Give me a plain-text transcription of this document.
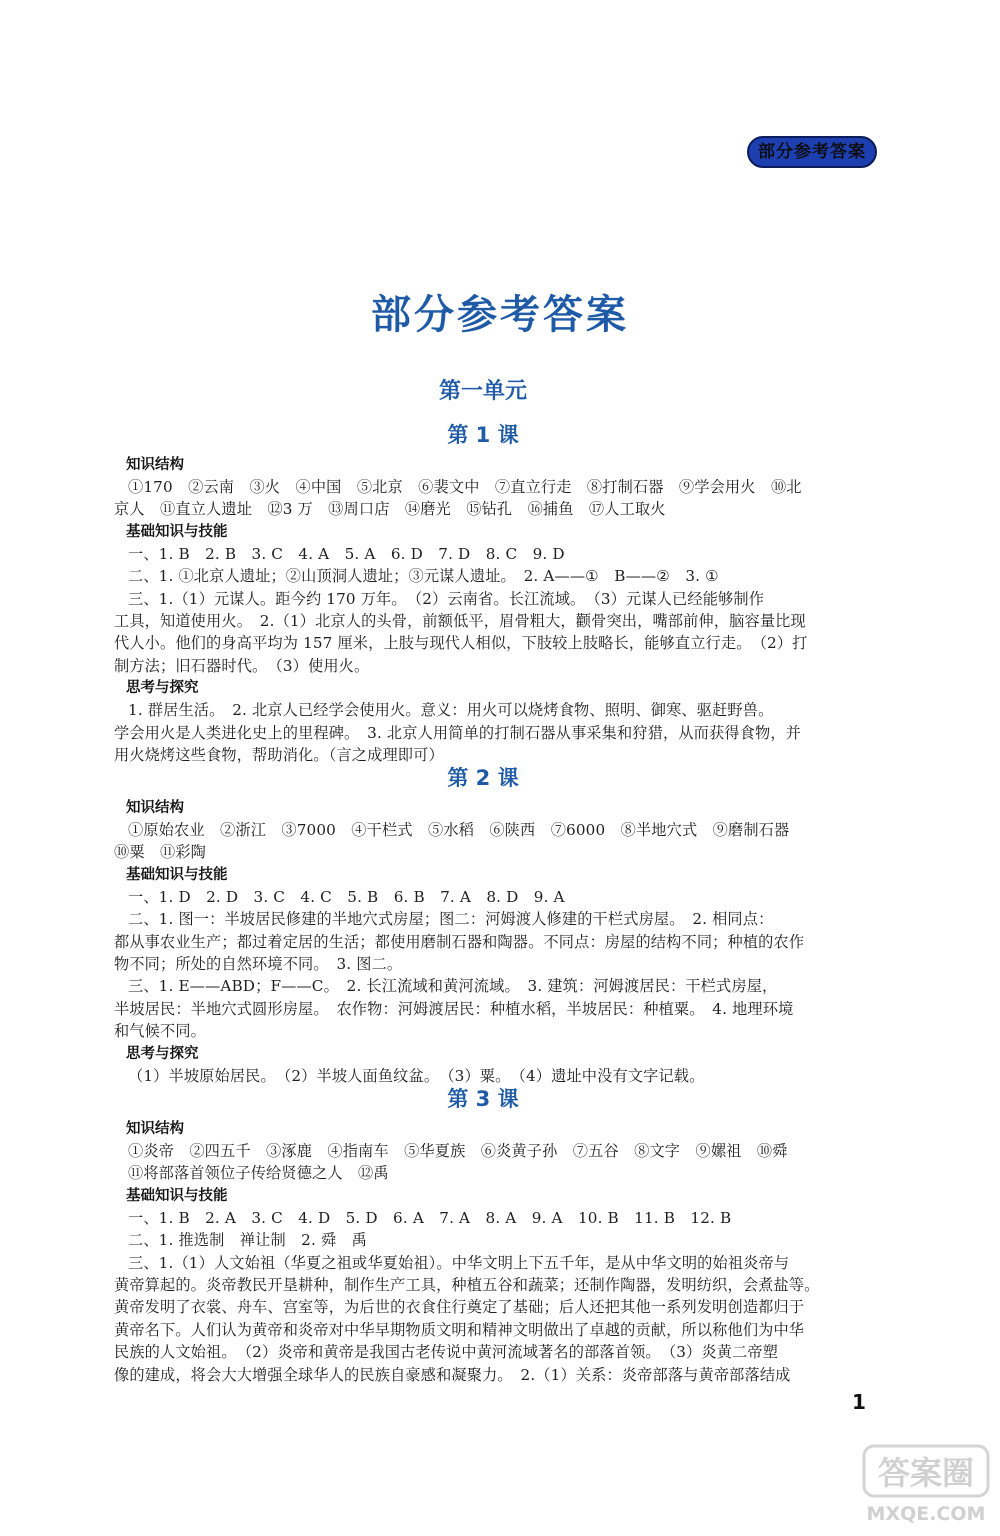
部分参考答案
部分参考答案
第一单元
第 1 课
知识结构
①170　②云南　③火　④中国　⑤北京　⑥裴文中　⑦直立行走　⑧打制石器　⑨学会用火　⑩北
京人　⑪直立人遗址　⑫3 万　⑬周口店　⑭磨光　⑮钻孔　⑯捕鱼　⑰人工取火
基础知识与技能
一、1. B　2. B　3. C　4. A　5. A　6. D　7. D　8. C　9. D
二、1. ①北京人遗址；②山顶洞人遗址；③元谋人遗址。　2. A——①　B——②　3. ①
三、1.（1）元谋人。距今约 170 万年。　（2）云南省。长江流域。　（3）元谋人已经能够制作
工具，知道使用火。　2.（1）北京人的头骨，前额低平，眉骨粗大，颧骨突出，嘴部前伸，脑容量比现
代人小。他们的身高平均为 157 厘米，上肢与现代人相似，下肢较上肢略长，能够直立行走。　（2）打
制方法；旧石器时代。　（3）使用火。
思考与探究
1. 群居生活。　2. 北京人已经学会使用火。意义：用火可以烧烤食物、照明、御寒、驱赶野兽。
学会用火是人类进化史上的里程碑。　3. 北京人用简单的打制石器从事采集和狩猎，从而获得食物，并
用火烧烤这些食物，帮助消化。（言之成理即可）
第 2 课
知识结构
①原始农业　②浙江　③7000　④干栏式　⑤水稻　⑥陕西　⑦6000　⑧半地穴式　⑨磨制石器
⑩粟　⑪彩陶
基础知识与技能
一、1. D　2. D　3. C　4. C　5. B　6. B　7. A　8. D　9. A
二、1. 图一：半坡居民修建的半地穴式房屋；图二：河姆渡人修建的干栏式房屋。　2. 相同点：
都从事农业生产；都过着定居的生活；都使用磨制石器和陶器。不同点：房屋的结构不同；种植的农作
物不同；所处的自然环境不同。　3. 图二。
三、1. E——ABD；F——C。　2. 长江流域和黄河流域。　3. 建筑：河姆渡居民：干栏式房屋，
半坡居民：半地穴式圆形房屋。　农作物：河姆渡居民：种植水稻，半坡居民：种植粟。　4. 地理环境
和气候不同。
思考与探究
（1）半坡原始居民。　（2）半坡人面鱼纹盆。　（3）粟。　（4）遗址中没有文字记载。
第 3 课
知识结构
①炎帝　②四五千　③涿鹿　④指南车　⑤华夏族　⑥炎黄子孙　⑦五谷　⑧文字　⑨嫘祖　⑩舜
⑪将部落首领位子传给贤德之人　⑫禹
基础知识与技能
一、1. B　2. A　3. C　4. D　5. D　6. A　7. A　8. A　9. A　10. B　11. B　12. B
二、1. 推选制　禅让制　2. 舜　禹
三、1.（1）人文始祖（华夏之祖或华夏始祖）。中华文明上下五千年，是从中华文明的始祖炎帝与
黄帝算起的。炎帝教民开垦耕种，制作生产工具，种植五谷和蔬菜；还制作陶器，发明纺织，会煮盐等。
黄帝发明了衣裳、舟车、宫室等，为后世的衣食住行奠定了基础；后人还把其他一系列发明创造都归于
黄帝名下。人们认为黄帝和炎帝对中华早期物质文明和精神文明做出了卓越的贡献，所以称他们为中华
民族的人文始祖。　（2）炎帝和黄帝是我国古老传说中黄河流域著名的部落首领。　（3）炎黄二帝塑
像的建成，将会大大增强全球华人的民族自豪感和凝聚力。　2.（1）关系：炎帝部落与黄帝部落结成
1
答案圈
MXQE.COM
